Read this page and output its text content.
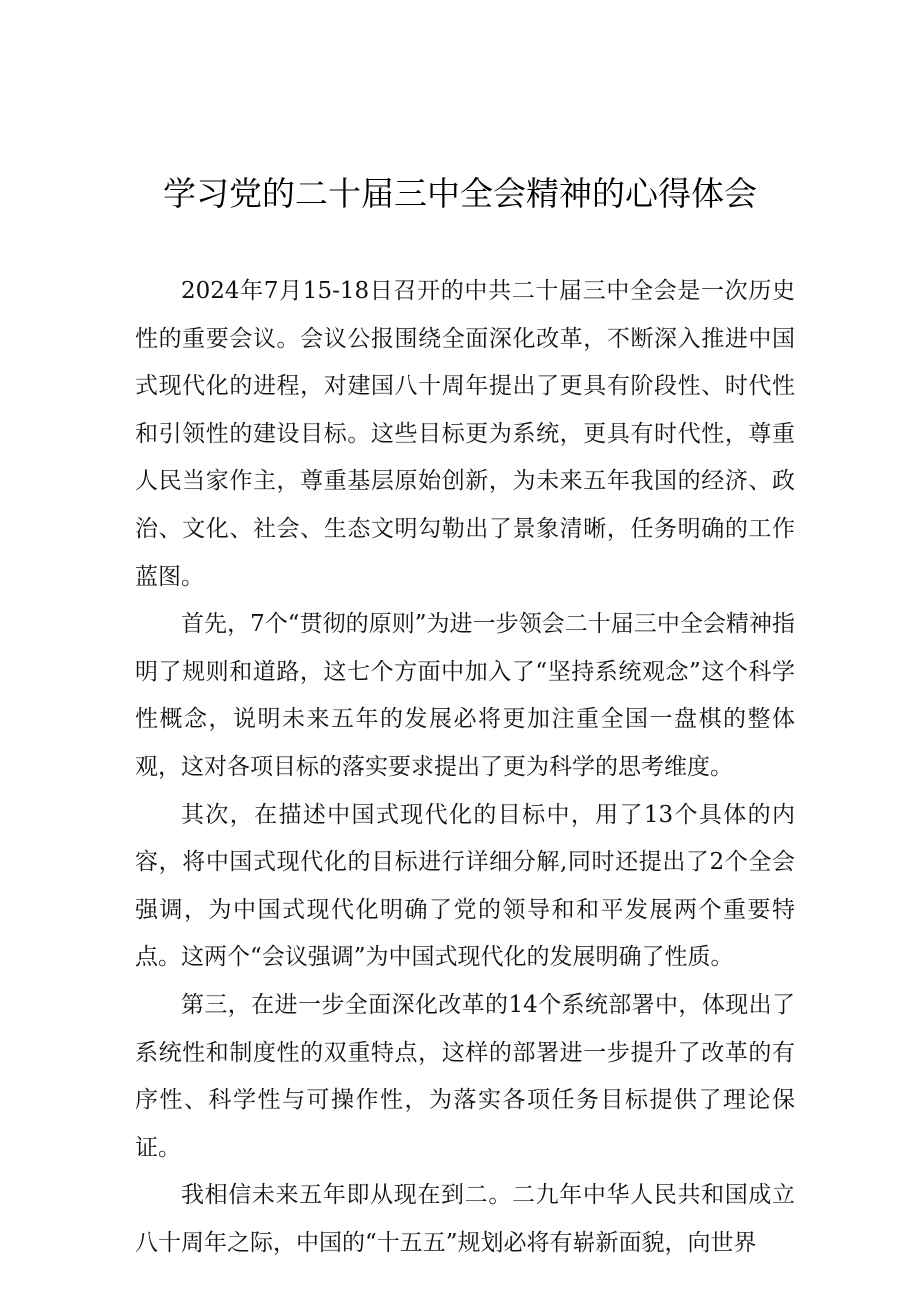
学习党的二十届三中全会精神的心得体会

2024年7月15-18日召开的中共二十届三中全会是一次历史性的重要会议。会议公报围绕全面深化改革，不断深入推进中国式现代化的进程，对建国八十周年提出了更具有阶段性、时代性和引领性的建设目标。这些目标更为系统，更具有时代性，尊重人民当家作主，尊重基层原始创新，为未来五年我国的经济、政治、文化、社会、生态文明勾勒出了景象清晰，任务明确的工作蓝图。

首先，7个“贯彻的原则”为进一步领会二十届三中全会精神指明了规则和道路，这七个方面中加入了“坚持系统观念”这个科学性概念，说明未来五年的发展必将更加注重全国一盘棋的整体观，这对各项目标的落实要求提出了更为科学的思考维度。

其次，在描述中国式现代化的目标中，用了13个具体的内容，将中国式现代化的目标进行详细分解,同时还提出了2个全会强调，为中国式现代化明确了党的领导和和平发展两个重要特点。这两个“会议强调”为中国式现代化的发展明确了性质。

第三，在进一步全面深化改革的14个系统部署中，体现出了系统性和制度性的双重特点，这样的部署进一步提升了改革的有序性、科学性与可操作性，为落实各项任务目标提供了理论保证。

我相信未来五年即从现在到二。二九年中华人民共和国成立八十周年之际，中国的“十五五”规划必将有崭新面貌，向世界
